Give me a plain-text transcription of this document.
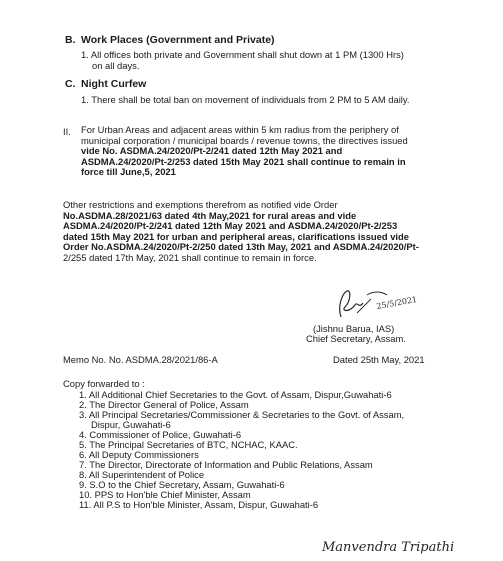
B. Work Places (Government and Private)
1. All offices both private and Government shall shut down at 1 PM (1300 Hrs)
on all days.
C. Night Curfew
1. There shall be total ban on movement of individuals from 2 PM to 5 AM daily.
II. For Urban Areas and adjacent areas within 5 km radius from the periphery of
municipal corporation / municipal boards / revenue towns, the directives issued
vide No. ASDMA.24/2020/Pt-2/241 dated 12th May 2021 and
ASDMA.24/2020/Pt-2/253 dated 15th May 2021 shall continue to remain in
force till June,5, 2021
Other restrictions and exemptions therefrom as notified vide Order
No.ASDMA.28/2021/63 dated 4th May,2021 for rural areas and vide
ASDMA.24/2020/Pt-2/241 dated 12th May 2021 and ASDMA.24/2020/Pt-2/253
dated 15th May 2021 for urban and peripheral areas, clarifications issued vide
Order No.ASDMA.24/2020/Pt-2/250 dated 13th May, 2021 and ASDMA.24/2020/Pt-
2/255 dated 17th May, 2021 shall continue to remain in force.
25/5/2021
(Jishnu Barua, IAS)
Chief Secretary, Assam.
Memo No. No. ASDMA.28/2021/86-A	Dated 25th May, 2021
Copy forwarded to :
1. All Additional Chief Secretaries to the Govt. of Assam, Dispur,Guwahati-6
2. The Director General of Police, Assam
3. All Principal Secretaries/Commissioner & Secretaries to the Govt. of Assam,
Dispur, Guwahati-6
4. Commissioner of Police, Guwahati-6
5. The Principal Secretaries of BTC, NCHAC, KAAC.
6. All Deputy Commissioners
7. The Director, Directorate of Information and Public Relations, Assam
8. All Superintendent of Police
9. S.O to the Chief Secretary, Assam, Guwahati-6
10. PPS to Hon'ble Chief Minister, Assam
11. All P.S to Hon'ble Minister, Assam, Dispur, Guwahati-6
Manvendra Tripathi
